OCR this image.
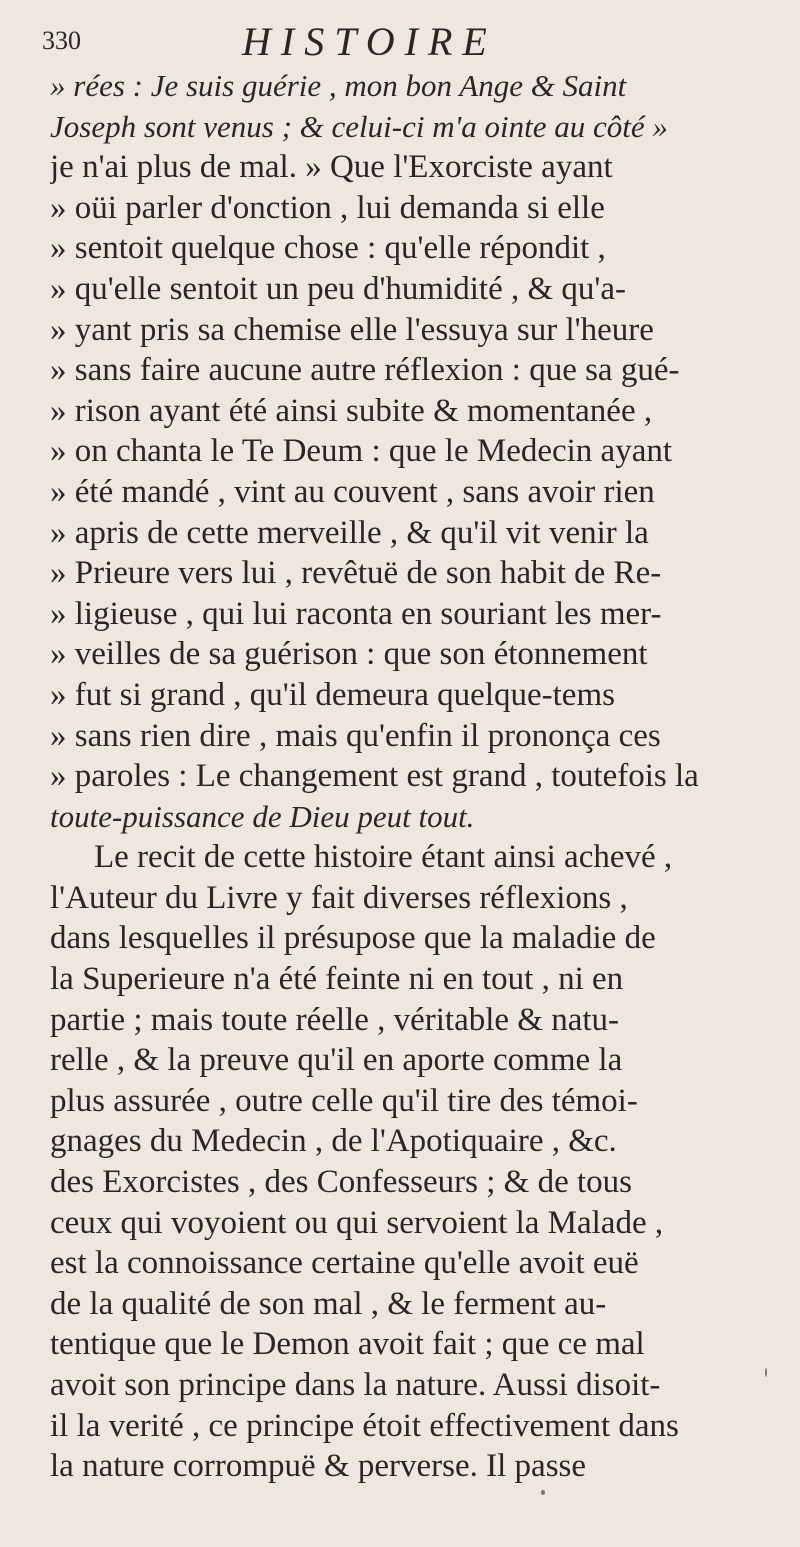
330	HISTOIRE
» rées : Je suis guérie , mon bon Ange & Saint
Joseph sont venus ; & celui-ci m'a ointe au côté »
je n'ai plus de mal. » Que l'Exorciste ayant
» oüi parler d'onction , lui demanda si elle
» sentoit quelque chose : qu'elle répondit ,
» qu'elle sentoit un peu d'humidité , & qu'a-
» yant pris sa chemise elle l'essuya sur l'heure
» sans faire aucune autre réflexion : que sa gué-
» rison ayant été ainsi subite & momentanée ,
» on chanta le Te Deum : que le Medecin ayant
» été mandé , vint au couvent , sans avoir rien
» apris de cette merveille , & qu'il vit venir la
» Prieure vers lui , revêtuë de son habit de Re-
» ligieuse , qui lui raconta en souriant les mer-
» veilles de sa guérison : que son étonnement
» fut si grand , qu'il demeura quelque-tems
» sans rien dire , mais qu'enfin il prononça ces
» paroles : Le changement est grand , toutefois la
toute-puissance de Dieu peut tout.
Le recit de cette histoire étant ainsi achevé ,
l'Auteur du Livre y fait diverses réflexions ,
dans lesquelles il présupose que la maladie de
la Superieure n'a été feinte ni en tout , ni en
partie ; mais toute réelle , véritable & natu-
relle , & la preuve qu'il en aporte comme la
plus assurée , outre celle qu'il tire des témoi-
gnages du Medecin , de l'Apotiquaire , &c.
des Exorcistes , des Confesseurs ; & de tous
ceux qui voyoient ou qui servoient la Malade ,
est la connoissance certaine qu'elle avoit euë
de la qualité de son mal , & le ferment au-
tentique que le Demon avoit fait ; que ce mal
avoit son principe dans la nature. Aussi disoit-
il la verité , ce principe étoit effectivement dans
la nature corrompuë & perverse. Il passe
